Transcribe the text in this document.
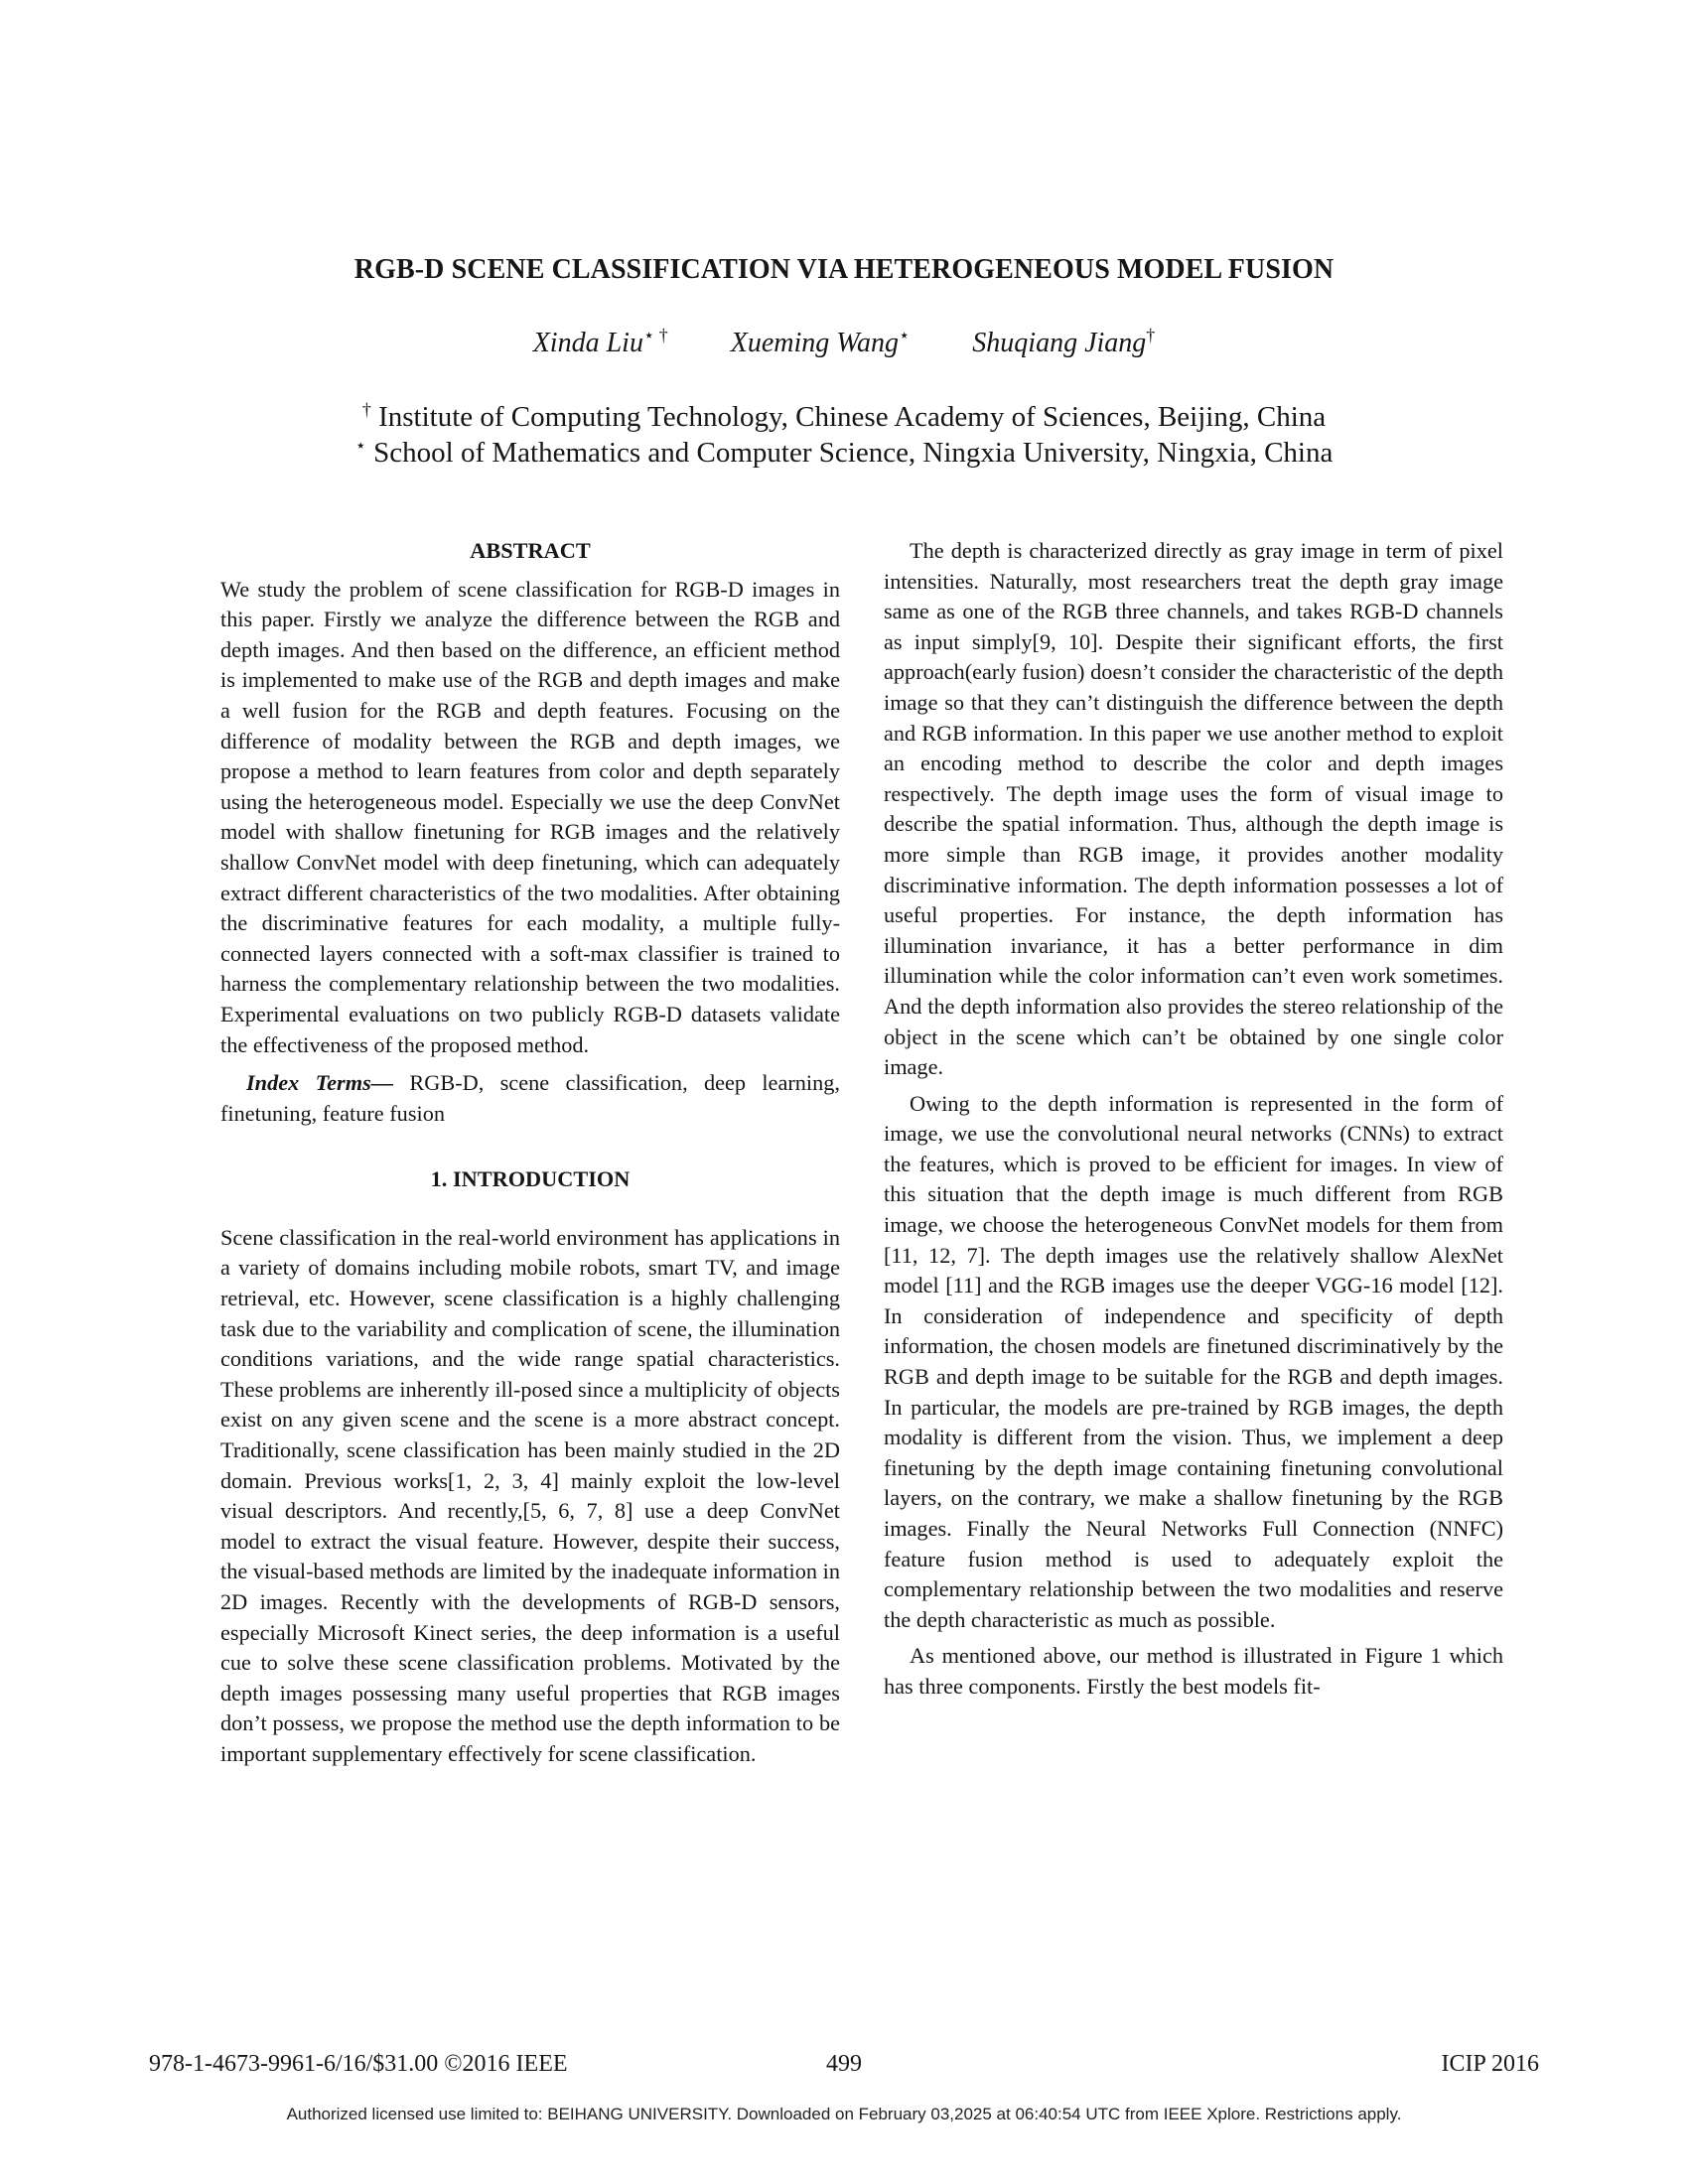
RGB-D SCENE CLASSIFICATION VIA HETEROGENEOUS MODEL FUSION
Xinda Liu⋆ † Xueming Wang⋆ Shuqiang Jiang†
† Institute of Computing Technology, Chinese Academy of Sciences, Beijing, China
⋆ School of Mathematics and Computer Science, Ningxia University, Ningxia, China
ABSTRACT

We study the problem of scene classification for RGB-D images in this paper. Firstly we analyze the difference between the RGB and depth images. And then based on the difference, an efficient method is implemented to make use of the RGB and depth images and make a well fusion for the RGB and depth features. Focusing on the difference of modality between the RGB and depth images, we propose a method to learn features from color and depth separately using the heterogeneous model. Especially we use the deep ConvNet model with shallow finetuning for RGB images and the relatively shallow ConvNet model with deep finetuning, which can adequately extract different characteristics of the two modalities. After obtaining the discriminative features for each modality, a multiple fully-connected layers connected with a soft-max classifier is trained to harness the complementary relationship between the two modalities. Experimental evaluations on two publicly RGB-D datasets validate the effectiveness of the proposed method.

Index Terms— RGB-D, scene classification, deep learning, finetuning, feature fusion

1. INTRODUCTION

Scene classification in the real-world environment has applications in a variety of domains including mobile robots, smart TV, and image retrieval, etc. However, scene classification is a highly challenging task due to the variability and complication of scene, the illumination conditions variations, and the wide range spatial characteristics. These problems are inherently ill-posed since a multiplicity of objects exist on any given scene and the scene is a more abstract concept. Traditionally, scene classification has been mainly studied in the 2D domain. Previous works[1, 2, 3, 4] mainly exploit the low-level visual descriptors. And recently,[5, 6, 7, 8] use a deep ConvNet model to extract the visual feature. However, despite their success, the visual-based methods are limited by the inadequate information in 2D images. Recently with the developments of RGB-D sensors, especially Microsoft Kinect series, the deep information is a useful cue to solve these scene classification problems. Motivated by the depth images possessing many useful properties that RGB images don’t possess, we propose the method use the depth information to be important supplementary effectively for scene classification.

The depth is characterized directly as gray image in term of pixel intensities. Naturally, most researchers treat the depth gray image same as one of the RGB three channels, and takes RGB-D channels as input simply[9, 10]. Despite their significant efforts, the first approach(early fusion) doesn’t consider the characteristic of the depth image so that they can’t distinguish the difference between the depth and RGB information. In this paper we use another method to exploit an encoding method to describe the color and depth images respectively. The depth image uses the form of visual image to describe the spatial information. Thus, although the depth image is more simple than RGB image, it provides another modality discriminative information. The depth information possesses a lot of useful properties. For instance, the depth information has illumination invariance, it has a better performance in dim illumination while the color information can’t even work sometimes. And the depth information also provides the stereo relationship of the object in the scene which can’t be obtained by one single color image.

Owing to the depth information is represented in the form of image, we use the convolutional neural networks (CNNs) to extract the features, which is proved to be efficient for images. In view of this situation that the depth image is much different from RGB image, we choose the heterogeneous ConvNet models for them from [11, 12, 7]. The depth images use the relatively shallow AlexNet model [11] and the RGB images use the deeper VGG-16 model [12]. In consideration of independence and specificity of depth information, the chosen models are finetuned discriminatively by the RGB and depth image to be suitable for the RGB and depth images. In particular, the models are pre-trained by RGB images, the depth modality is different from the vision. Thus, we implement a deep finetuning by the depth image containing finetuning convolutional layers, on the contrary, we make a shallow finetuning by the RGB images. Finally the Neural Networks Full Connection (NNFC) feature fusion method is used to adequately exploit the complementary relationship between the two modalities and reserve the depth characteristic as much as possible.

As mentioned above, our method is illustrated in Figure 1 which has three components. Firstly the best models fit-

978-1-4673-9961-6/16/$31.00 ©2016 IEEE	499	ICIP 2016
Authorized licensed use limited to: BEIHANG UNIVERSITY. Downloaded on February 03,2025 at 06:40:54 UTC from IEEE Xplore. Restrictions apply.
